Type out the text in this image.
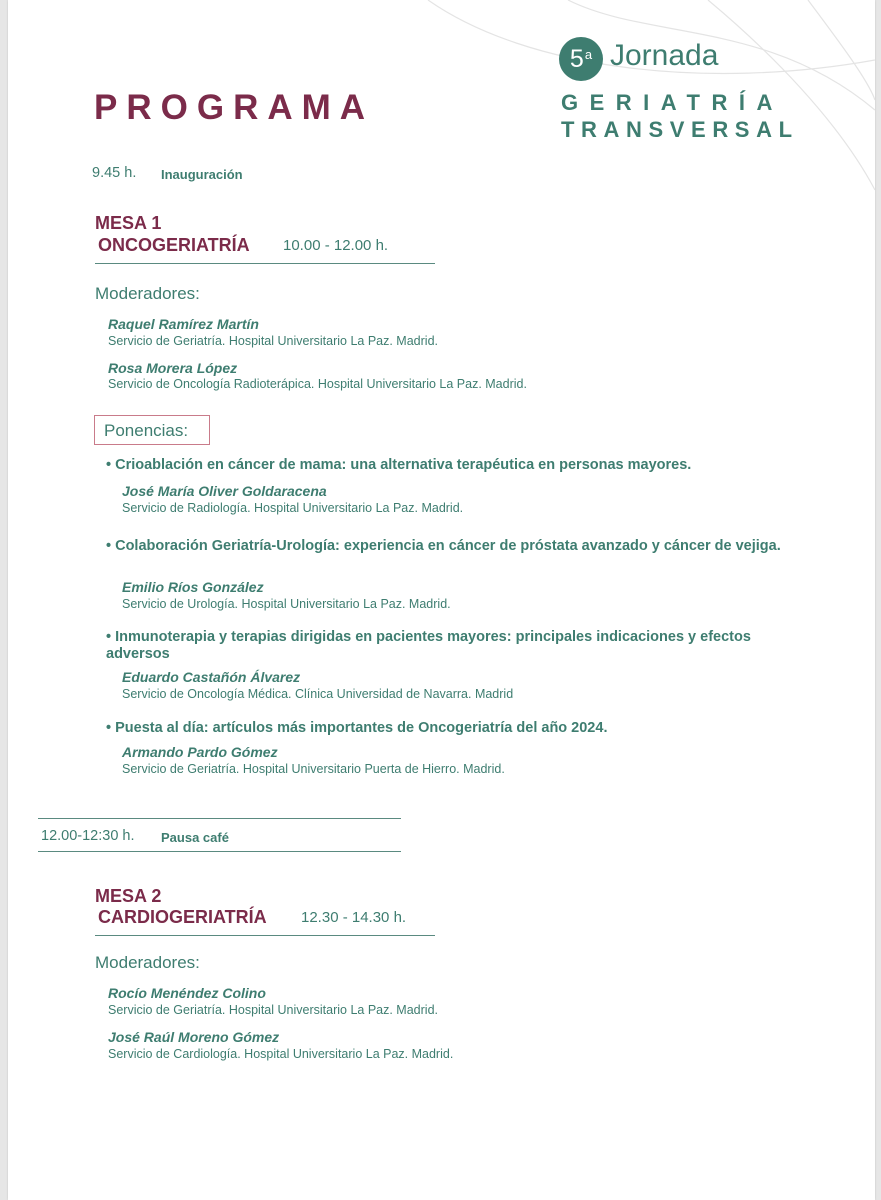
PROGRAMA
5$^a$ Jornada
GERIATRÍA
TRANSVERSAL
9.45 h. Inauguración
MESA 1
ONCOGERIATRÍA 10.00 - 12.00 h.
Moderadores:
Raquel Ramírez Martín
Servicio de Geriatría. Hospital Universitario La Paz. Madrid.
Rosa Morera López
Servicio de Oncología Radioterápica. Hospital Universitario La Paz. Madrid.
Ponencias:
• Crioablación en cáncer de mama: una alternativa terapéutica en personas mayores.
José María Oliver Goldaracena
Servicio de Radiología. Hospital Universitario La Paz. Madrid.
• Colaboración Geriatría-Urología: experiencia en cáncer de próstata avanzado y cáncer de vejiga.
Emilio Ríos González
Servicio de Urología. Hospital Universitario La Paz. Madrid.
• Inmunoterapia y terapias dirigidas en pacientes mayores: principales indicaciones y efectos adversos
Eduardo Castañón Álvarez
Servicio de Oncología Médica. Clínica Universidad de Navarra. Madrid
• Puesta al día: artículos más importantes de Oncogeriatría del año 2024.
Armando Pardo Gómez
Servicio de Geriatría. Hospital Universitario Puerta de Hierro. Madrid.
12.00-12:30 h. Pausa café
MESA 2
CARDIOGERIATRÍA 12.30 - 14.30 h.
Moderadores:
Rocío Menéndez Colino
Servicio de Geriatría. Hospital Universitario La Paz. Madrid.
José Raúl Moreno Gómez
Servicio de Cardiología. Hospital Universitario La Paz. Madrid.
